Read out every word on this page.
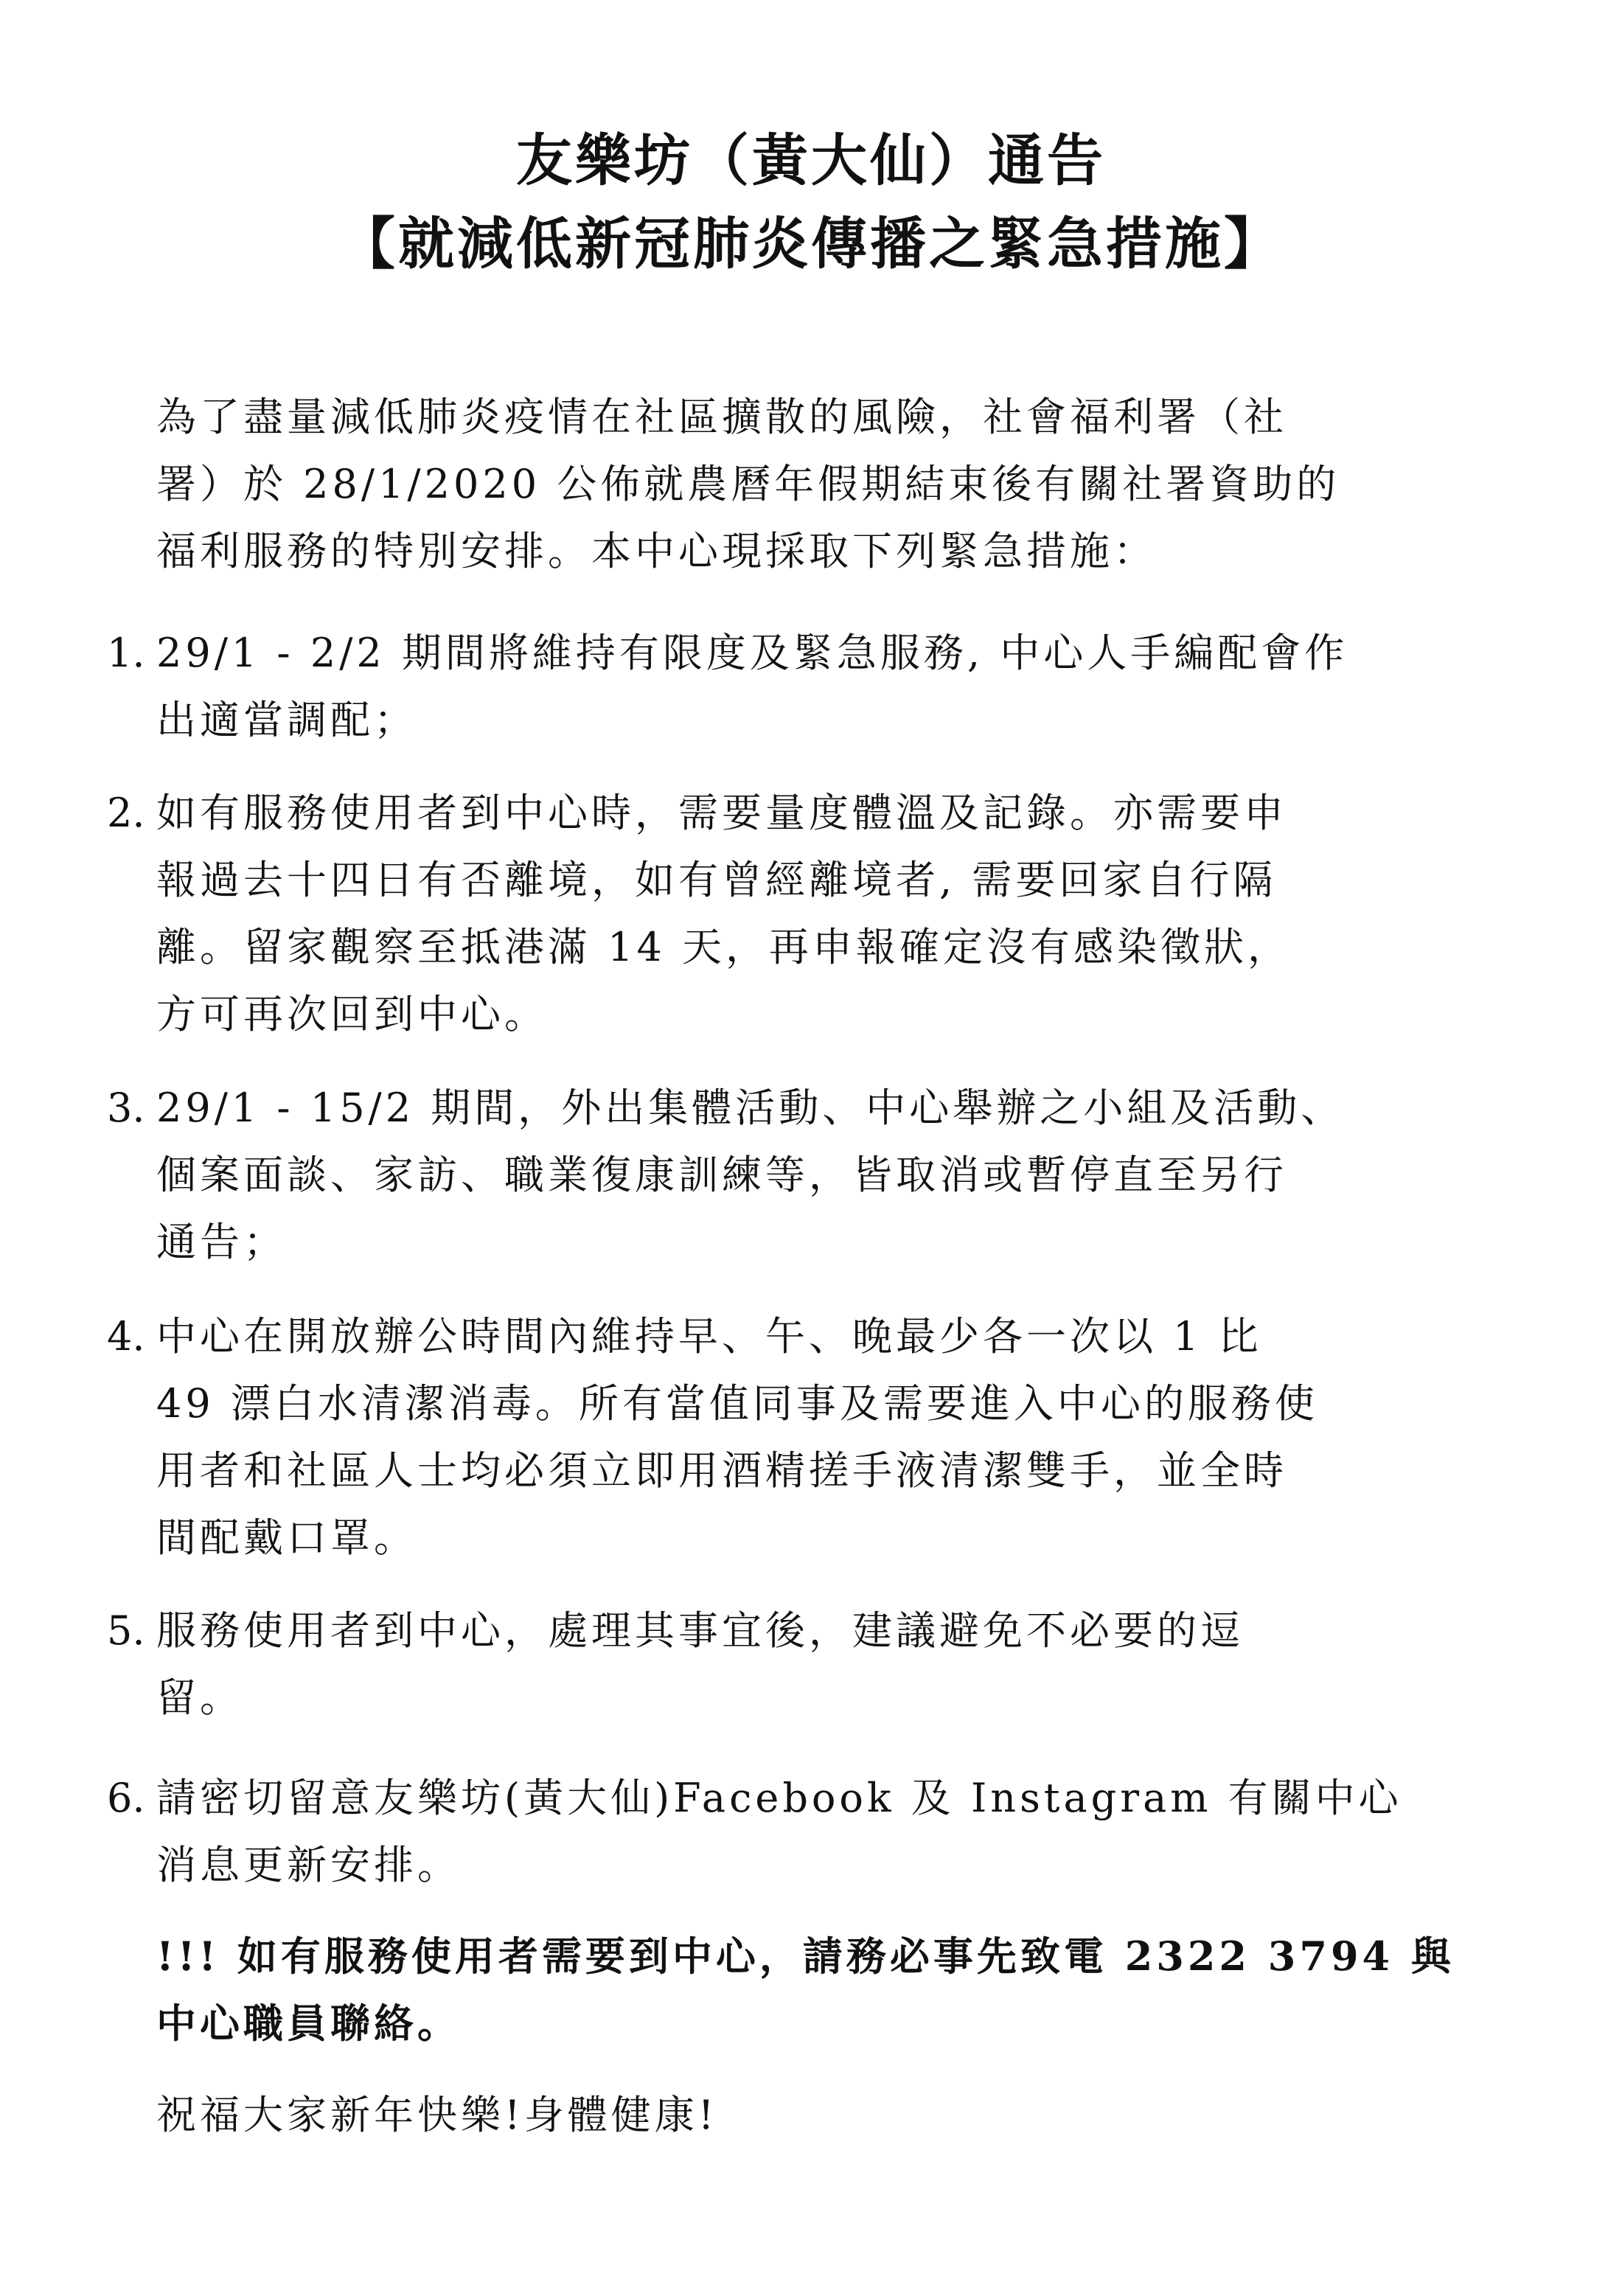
友樂坊（黃大仙）通告
【就減低新冠肺炎傳播之緊急措施】
為了盡量減低肺炎疫情在社區擴散的風險，社會福利署（社
署）於 28/1/2020 公佈就農曆年假期結束後有關社署資助的
福利服務的特別安排。本中心現採取下列緊急措施：
1. 29/1 - 2/2 期間將維持有限度及緊急服務, 中心人手編配會作
出適當調配；
2. 如有服務使用者到中心時，需要量度體溫及記錄。亦需要申
報過去十四日有否離境，如有曾經離境者, 需要回家自行隔
離。留家觀察至抵港滿 14 天，再申報確定沒有感染徵狀，
方可再次回到中心。
3. 29/1 - 15/2 期間，外出集體活動、中心舉辦之小組及活動、
個案面談、家訪、職業復康訓練等，皆取消或暫停直至另行
通告；
4. 中心在開放辦公時間內維持早、午、晚最少各一次以 1 比
49 漂白水清潔消毒。所有當值同事及需要進入中心的服務使
用者和社區人士均必須立即用酒精搓手液清潔雙手，並全時
間配戴口罩。
5. 服務使用者到中心，處理其事宜後，建議避免不必要的逗
留。
6. 請密切留意友樂坊(黃大仙)Facebook 及 Instagram 有關中心
消息更新安排。
!!! 如有服務使用者需要到中心，請務必事先致電 2322 3794 與
中心職員聯絡。
祝福大家新年快樂!身體健康!
